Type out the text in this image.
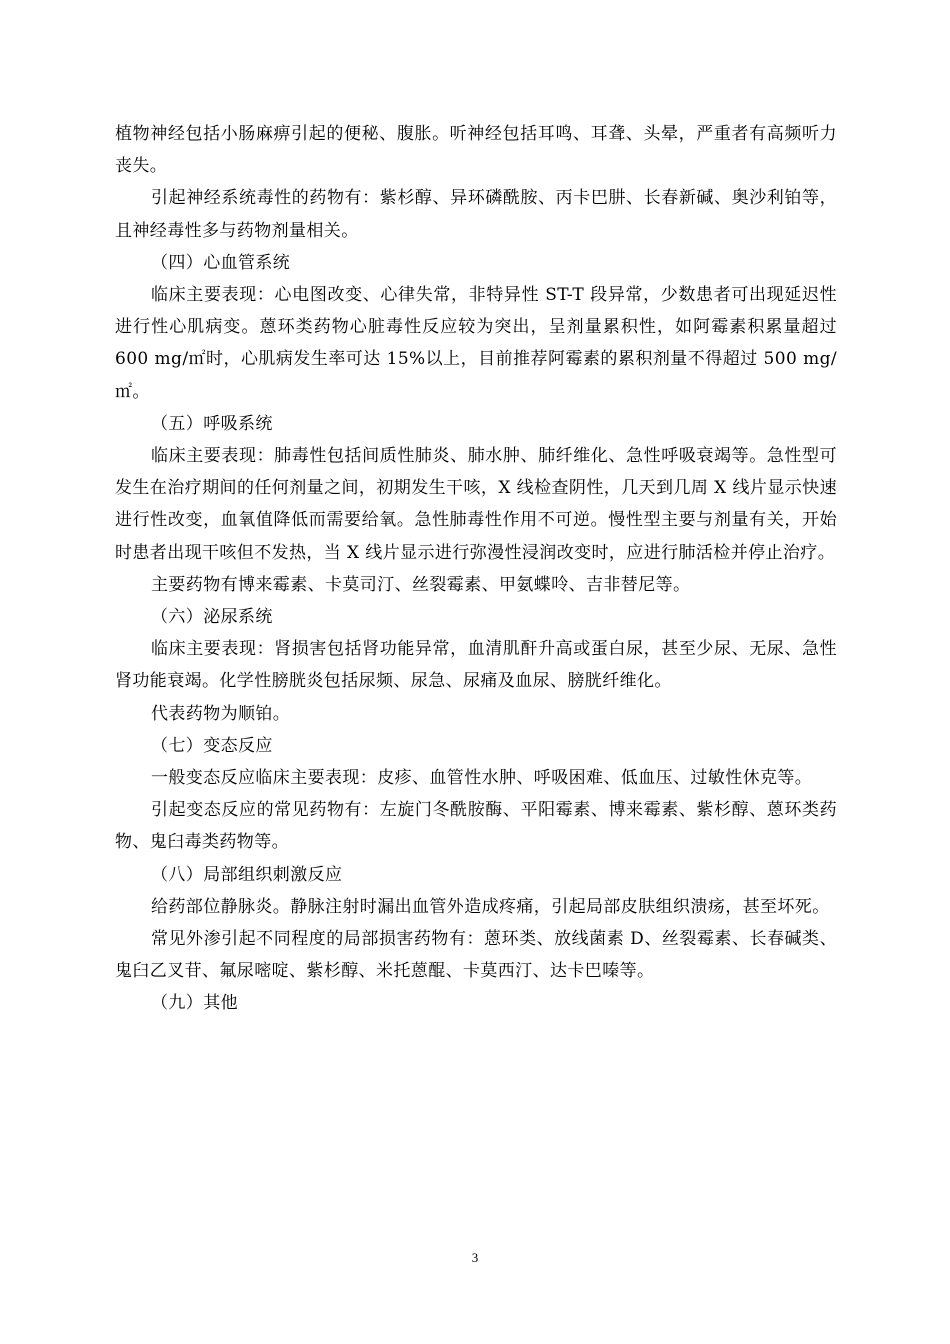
植物神经包括小肠麻痹引起的便秘、腹胀。听神经包括耳鸣、耳聋、头晕，严重者有高频听力丧失。

引起神经系统毒性的药物有：紫杉醇、异环磷酰胺、丙卡巴肼、长春新碱、奥沙利铂等，且神经毒性多与药物剂量相关。

（四）心血管系统

临床主要表现：心电图改变、心律失常，非特异性 ST-T 段异常，少数患者可出现延迟性进行性心肌病变。蒽环类药物心脏毒性反应较为突出，呈剂量累积性，如阿霉素积累量超过 600 mg/㎡时，心肌病发生率可达 15%以上，目前推荐阿霉素的累积剂量不得超过 500 mg/㎡。

（五）呼吸系统

临床主要表现：肺毒性包括间质性肺炎、肺水肿、肺纤维化、急性呼吸衰竭等。急性型可发生在治疗期间的任何剂量之间，初期发生干咳，X 线检查阴性，几天到几周 X 线片显示快速进行性改变，血氧值降低而需要给氧。急性肺毒性作用不可逆。慢性型主要与剂量有关，开始时患者出现干咳但不发热，当 X 线片显示进行弥漫性浸润改变时，应进行肺活检并停止治疗。

主要药物有博来霉素、卡莫司汀、丝裂霉素、甲氨蝶呤、吉非替尼等。

（六）泌尿系统

临床主要表现：肾损害包括肾功能异常，血清肌酐升高或蛋白尿，甚至少尿、无尿、急性肾功能衰竭。化学性膀胱炎包括尿频、尿急、尿痛及血尿、膀胱纤维化。

代表药物为顺铂。

（七）变态反应

一般变态反应临床主要表现：皮疹、血管性水肿、呼吸困难、低血压、过敏性休克等。

引起变态反应的常见药物有：左旋门冬酰胺酶、平阳霉素、博来霉素、紫杉醇、蒽环类药物、鬼臼毒类药物等。

（八）局部组织刺激反应

给药部位静脉炎。静脉注射时漏出血管外造成疼痛，引起局部皮肤组织溃疡，甚至坏死。

常见外渗引起不同程度的局部损害药物有：蒽环类、放线菌素 D、丝裂霉素、长春碱类、鬼臼乙叉苷、氟尿嘧啶、紫杉醇、米托蒽醌、卡莫西汀、达卡巴嗪等。

（九）其他

3
